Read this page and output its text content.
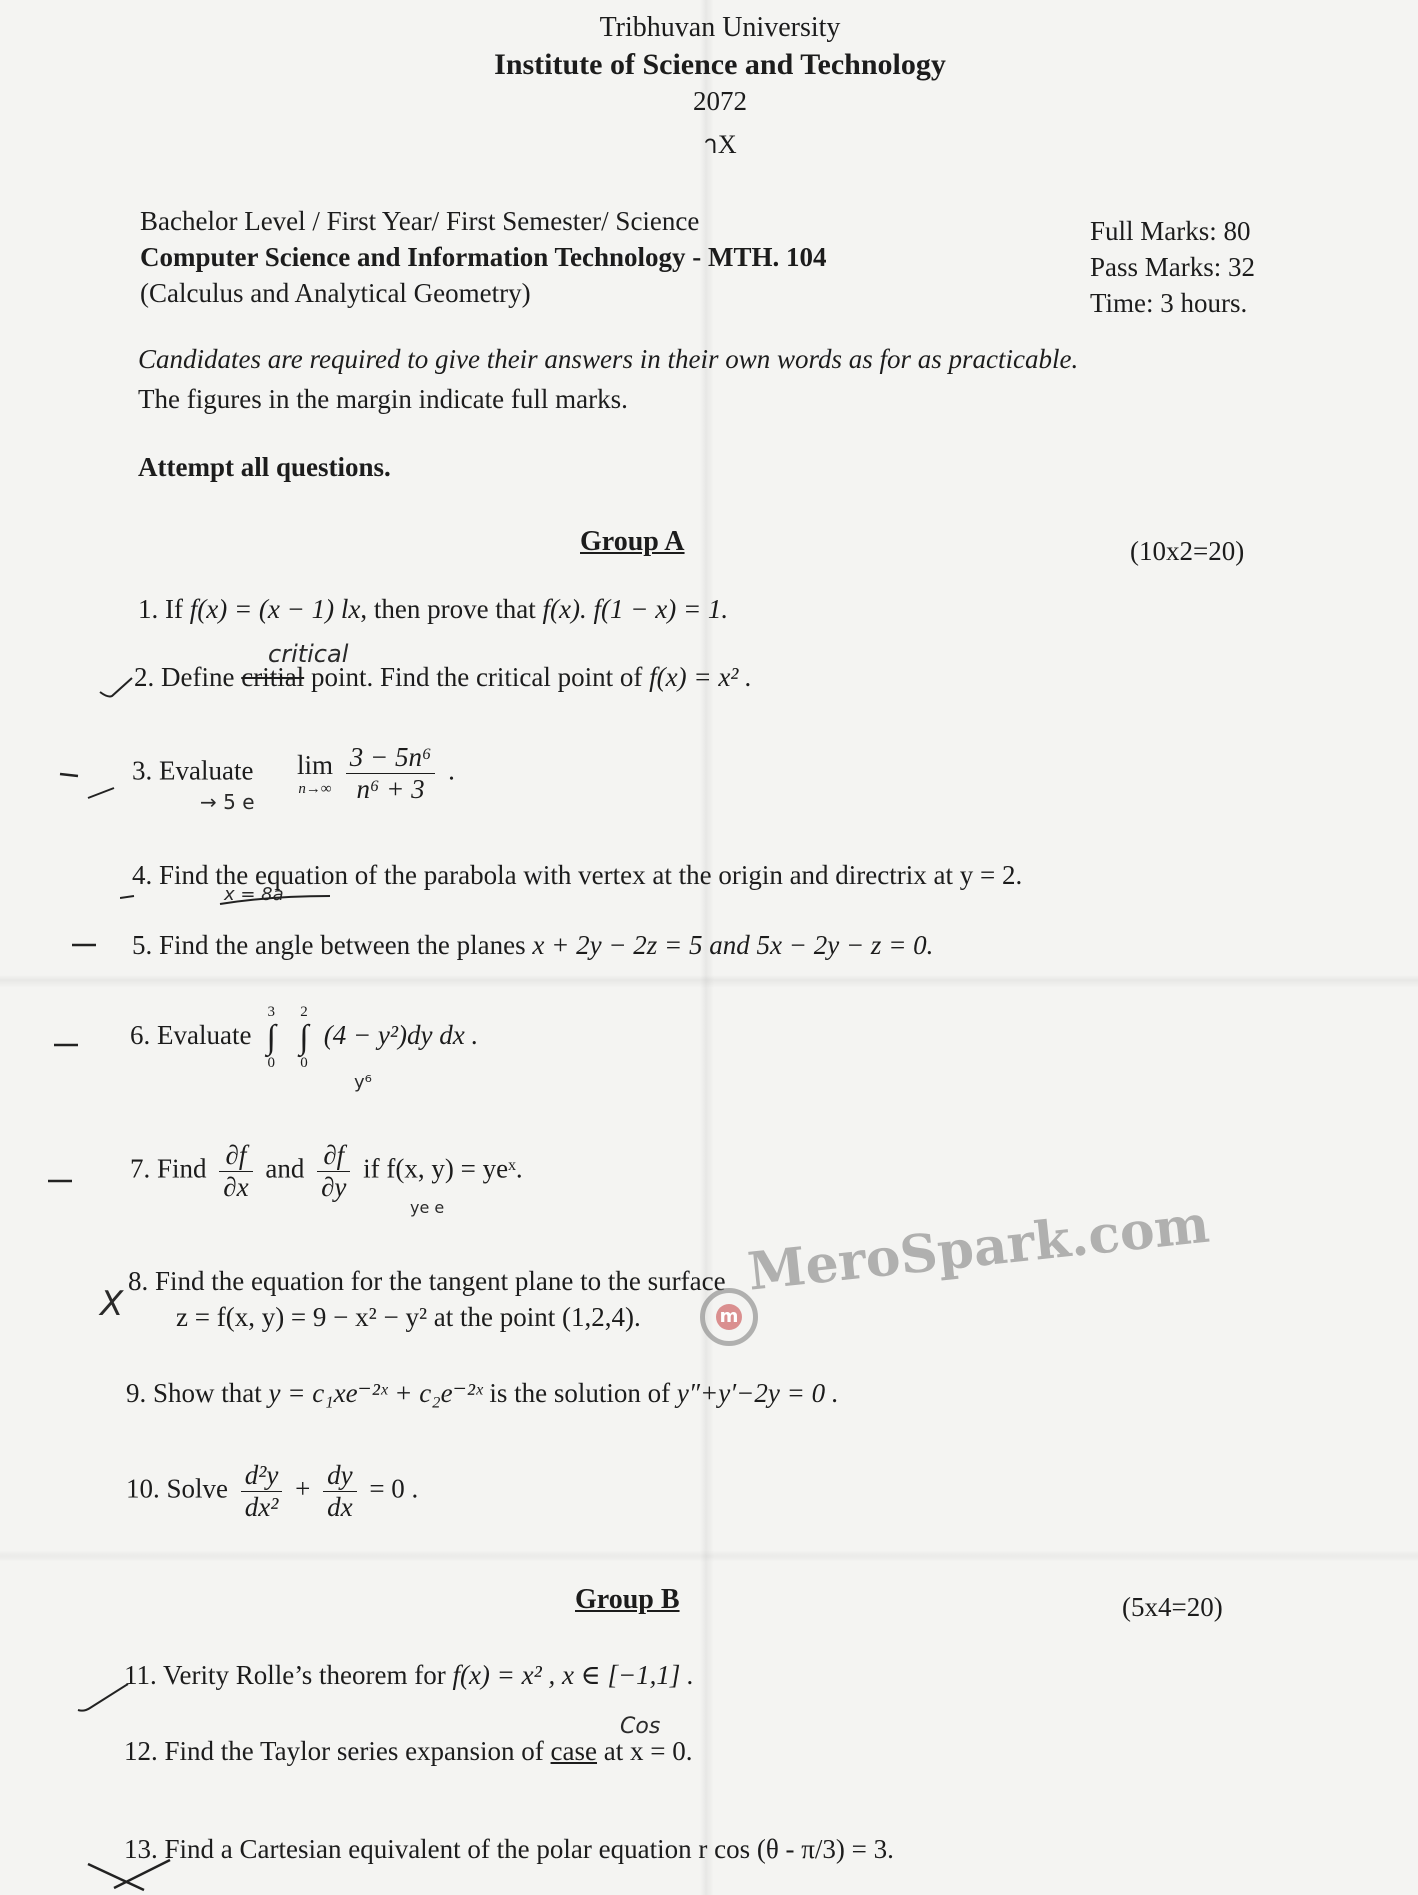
Tribhuvan University
Institute of Science and Technology
2072
าX
Bachelor Level / First Year/ First Semester/ Science
Computer Science and Information Technology - MTH. 104
(Calculus and Analytical Geometry)
Full Marks: 80
Pass Marks: 32
Time: 3 hours.
Candidates are required to give their answers in their own words as for as practicable.
The figures in the margin indicate full marks.
Attempt all questions.
Group A	(10x2=20)
1. If f(x) = (x − 1) lx, then prove that f(x). f(1 − x) = 1.
critical
2. Define critial point. Find the critical point of f(x) = x² .
3. Evaluate lim
n→∞
$\frac{\text{3 − 5n⁶}}{\text{n⁶ + 3}}$ .
→ 5 e
4. Find the equation of the parabola with vertex at the origin and directrix at y = 2.
x = 8a
5. Find the angle between the planes x + 2y − 2z = 5 and 5x − 2y − z = 0.
6. Evaluate
3
∫
0

2
∫
0
(4 − y²)dy dx .
y⁶
7. Find $\frac{\partial f}{\partial x}$ and $\frac{\partial f}{\partial y}$ if f(x, y) = yeˣ.
ye e
8. Find the equation for the tangent plane to the surface
z = f(x, y) = 9 − x² − y² at the point (1,2,4).
X
9. Show that y = c₁xe⁻²ˣ + c₂e⁻²ˣ is the solution of y″+y′−2y = 0 .
10. Solve $\frac{\text{d²y}}{\text{dx²}} + \frac{dy}{dx} = 0$ .
Group B	(5x4=20)
11. Verity Rolle’s theorem for f(x) = x² , x ∈ [−1,1] .
Cos
12. Find the Taylor series expansion of case at x = 0.
13. Find a Cartesian equivalent of the polar equation r cos (θ - π/3) = 3.
m
MeroSpark.com
